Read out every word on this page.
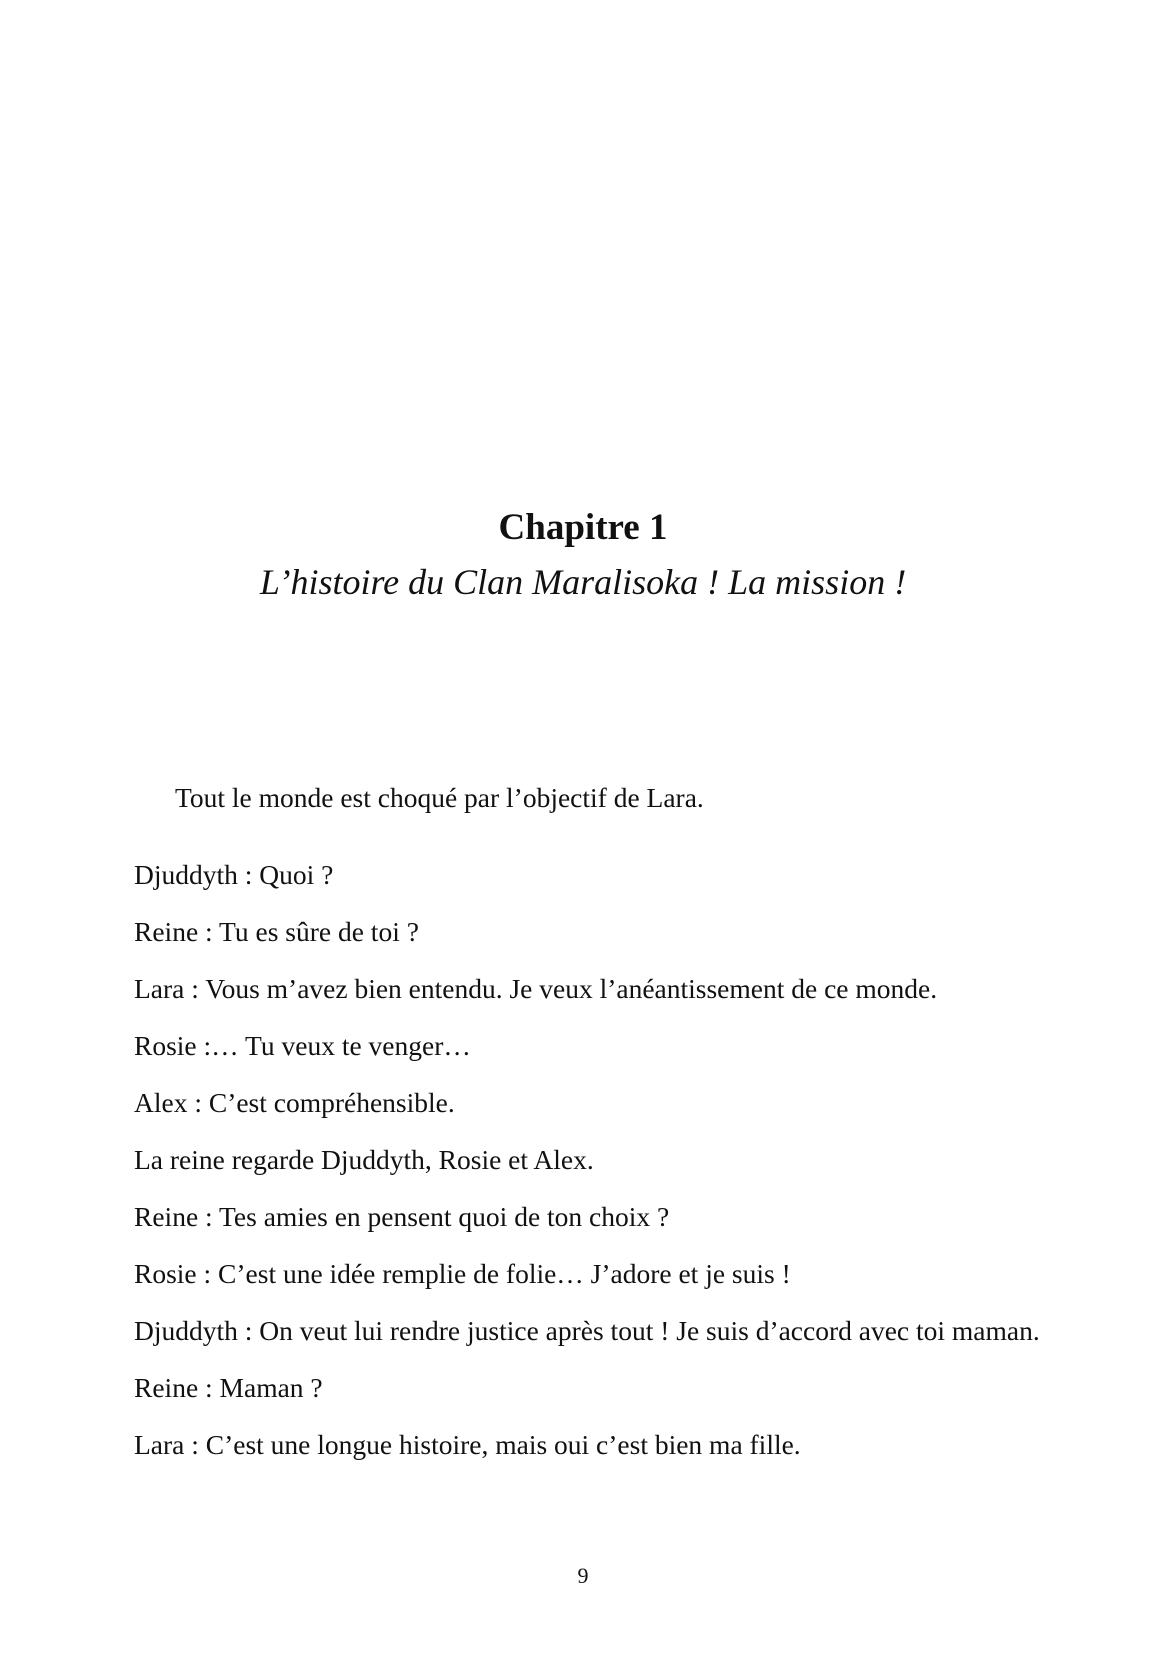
Chapitre 1
L’histoire du Clan Maralisoka ! La mission !

Tout le monde est choqué par l’objectif de Lara.

Djuddyth : Quoi ?

Reine : Tu es sûre de toi ?

Lara : Vous m’avez bien entendu. Je veux l’anéantissement de ce monde.

Rosie :… Tu veux te venger…

Alex : C’est compréhensible.

La reine regarde Djuddyth, Rosie et Alex.

Reine : Tes amies en pensent quoi de ton choix ?

Rosie : C’est une idée remplie de folie… J’adore et je suis !

Djuddyth : On veut lui rendre justice après tout ! Je suis d’accord avec toi maman.

Reine : Maman ?

Lara : C’est une longue histoire, mais oui c’est bien ma fille.

9
